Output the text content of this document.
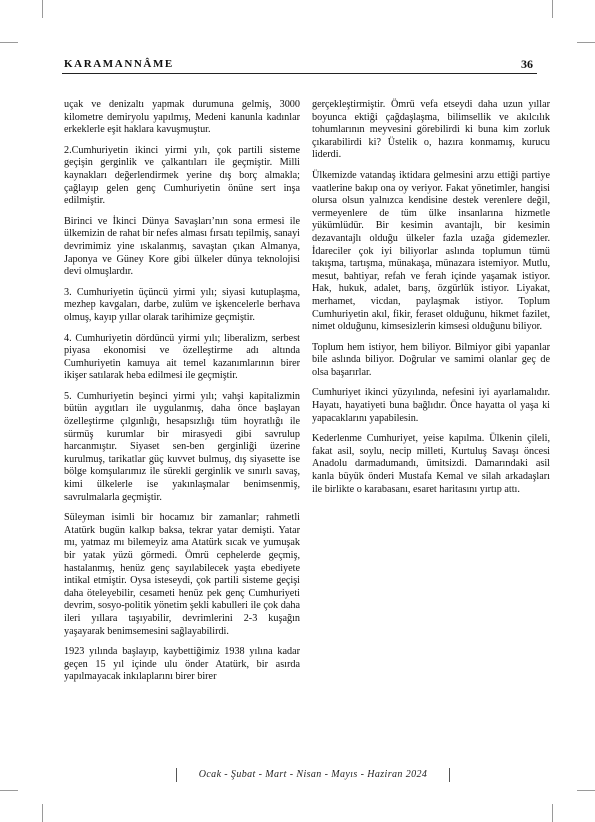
KARAMANNÂME	36

uçak ve denizaltı yapmak durumuna gelmiş, 3000 kilometre demiryolu yapılmış, Medeni kanunla kadınlar erkeklerle eşit haklara kavuşmuştur.

2.Cumhuriyetin ikinci yirmi yılı, çok partili sisteme geçişin gerginlik ve çalkantıları ile geçmiştir. Milli kaynakları değerlendirmek yerine dış borç almakla; çağlayıp gelen genç Cumhuriyetin önüne sert inşa edilmiştir.

Birinci ve İkinci Dünya Savaşları’nın sona ermesi ile ülkemizin de rahat bir nefes alması fırsatı tepilmiş, sanayi devrimimiz yine ıskalanmış, savaştan çıkan Almanya, Japonya ve Güney Kore gibi ülkeler dünya teknolojisi devi olmuşlardır.

3. Cumhuriyetin üçüncü yirmi yılı; siyasi kutuplaşma, mezhep kavgaları, darbe, zulüm ve işkencelerle berhava olmuş, kayıp yıllar olarak tarihimize geçmiştir.

4. Cumhuriyetin dördüncü yirmi yılı; liberalizm, serbest piyasa ekonomisi ve özelleştirme adı altında Cumhuriyetin kamuya ait temel kazanımlarının birer ikişer satılarak heba edilmesi ile geçmiştir.

5. Cumhuriyetin beşinci yirmi yılı; vahşi kapitalizmin bütün aygıtları ile uygulanmış, daha önce başlayan özelleştirme çılgınlığı, hesapsızlığı tüm hoyratlığı ile sürmüş kurumlar bir mirasyedi gibi savrulup harcanmıştır. Siyaset sen-ben gerginliği üzerine kurulmuş, tarikatlar güç kuvvet bulmuş, dış siyasette ise bölge komşularımız ile sürekli gerginlik ve sınırlı savaş, kimi ülkelerle ise yakınlaşmalar benimsenmiş, savrulmalarla geçmiştir.

Süleyman isimli bir hocamız bir zamanlar; rahmetli Atatürk bugün kalkıp baksa, tekrar yatar demişti. Yatar mı, yatmaz mı bilemeyiz ama Atatürk sıcak ve yumuşak bir yatak yüzü görmedi. Ömrü cephelerde geçmiş, hastalanmış, henüz genç sayılabilecek yaşta ebediyete intikal etmiştir. Oysa isteseydi, çok partili sisteme geçişi daha öteleyebilir, cesameti henüz pek genç Cumhuriyeti devrim, sosyo-politik yönetim şekli kabulleri ile çok daha ileri yıllara taşıyabilir, devrimlerini 2-3 kuşağın yaşayarak benimsemesini sağlayabilirdi.

1923 yılında başlayıp, kaybettiğimiz 1938 yılına kadar geçen 15 yıl içinde ulu önder Atatürk, bir asırda yapılmayacak inkılaplarını birer birer

gerçekleştirmiştir. Ömrü vefa etseydi daha uzun yıllar boyunca ektiği çağdaşlaşma, bilimsellik ve akılcılık tohumlarının meyvesini görebilirdi ki buna kim zorluk çıkarabilirdi ki? Üstelik o, hazıra konmamış, kurucu liderdi.

Ülkemizde vatandaş iktidara gelmesini arzu ettiği partiye vaatlerine bakıp ona oy veriyor. Fakat yönetimler, hangisi olursa olsun yalnızca kendisine destek verenlere değil, vermeyenlere de tüm ülke insanlarına hizmetle yükümlüdür. Bir kesimin avantajlı, bir kesimin dezavantajlı olduğu ülkeler fazla uzağa gidemezler. İdareciler çok iyi biliyorlar aslında toplumun tümü takışma, tartışma, münakaşa, münazara istemiyor. Mutlu, mesut, bahtiyar, refah ve ferah içinde yaşamak istiyor. Hak, hukuk, adalet, barış, özgürlük istiyor. Liyakat, merhamet, vicdan, paylaşmak istiyor. Toplum Cumhuriyetin akıl, fikir, feraset olduğunu, hikmet fazilet, nimet olduğunu, kimsesizlerin kimsesi olduğunu biliyor.

Toplum hem istiyor, hem biliyor. Bilmiyor gibi yapanlar bile aslında biliyor. Doğrular ve samimi olanlar geç de olsa başarırlar.

Cumhuriyet ikinci yüzyılında, nefesini iyi ayarlamalıdır. Hayatı, hayatiyeti buna bağlıdır. Önce hayatta ol yaşa ki yapacaklarını yapabilesin.

Kederlenme Cumhuriyet, yeise kapılma. Ülkenin çileli, fakat asil, soylu, necip milleti, Kurtuluş Savaşı öncesi Anadolu darmadumandı, ümitsizdi. Damarındaki asil kanla büyük önderi Mustafa Kemal ve silah arkadaşları ile birlikte o karabasanı, esaret haritasını yırtıp attı.

Ocak - Şubat - Mart - Nisan - Mayıs - Haziran 2024
